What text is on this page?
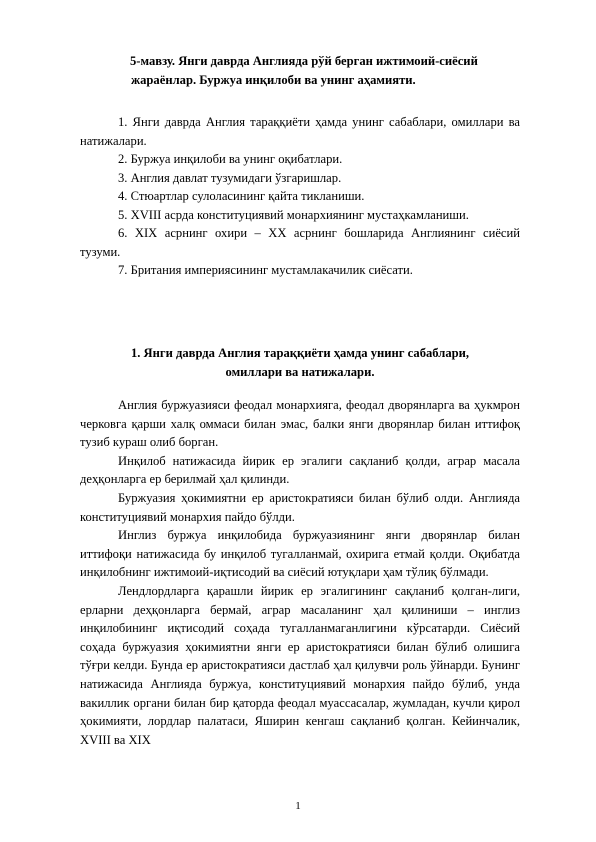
5-мавзу. Янги даврда Англияда рўй берган ижтимоий-сиёсий
жараёнлар. Буржуа инқилоби ва унинг аҳамияти.
1. Янги даврда Англия тараққиёти ҳамда унинг сабаблари, омиллари ва натижалари.
2. Буржуа инқилоби ва унинг оқибатлари.
3. Англия давлат тузумидаги ўзгаришлар.
4. Стюартлар сулоласининг қайта тикланиши.
5. XVIII асрда конституциявий монархиянинг мустаҳкамланиши.
6. XIX асрнинг охири – XX асрнинг бошларида Англиянинг сиёсий тузуми.
7. Британия империясининг мустамлакачилик сиёсати.
1. Янги даврда Англия тараққиёти ҳамда унинг сабаблари,
омиллари ва натижалари.

Англия буржуазияси феодал монархияга, феодал дворянларга ва ҳукмрон черковга қарши халқ оммаси билан эмас, балки янги дворянлар билан иттифоқ тузиб кураш олиб борган.

Инқилоб натижасида йирик ер эгалиги сақланиб қолди, аграр масала деҳқонларга ер берилмай ҳал қилинди.

Буржуазия ҳокимиятни ер аристократияси билан бўлиб олди. Англияда конституциявий монархия пайдо бўлди.

Инглиз буржуа инқилобида буржуазиянинг янги дворянлар билан иттифоқи натижасида бу инқилоб тугалланмай, охирига етмай қолди. Оқибатда инқилобнинг ижтимоий-иқтисодий ва сиёсий ютуқлари ҳам тўлиқ бўлмади.

Лендлордларга қарашли йирик ер эгалигининг сақланиб қолган-лиги, ерларни деҳқонларга бермай, аграр масаланинг ҳал қилиниши – инглиз инқилобининг иқтисодий соҳада тугалланмаганлигини кўрсатарди. Сиёсий соҳада буржуазия ҳокимиятни янги ер аристократияси билан бўлиб олишига тўғри келди. Бунда ер аристократияси дастлаб ҳал қилувчи роль ўйнарди. Бунинг натижасида Англияда буржуа, конституциявий монархия пайдо бўлиб, унда вакиллик органи билан бир қаторда феодал муассасалар, жумладан, кучли қирол ҳокимияти, лордлар палатаси, Яширин кенгаш сақланиб қолган. Кейинчалик, XVIII ва XIX

1
